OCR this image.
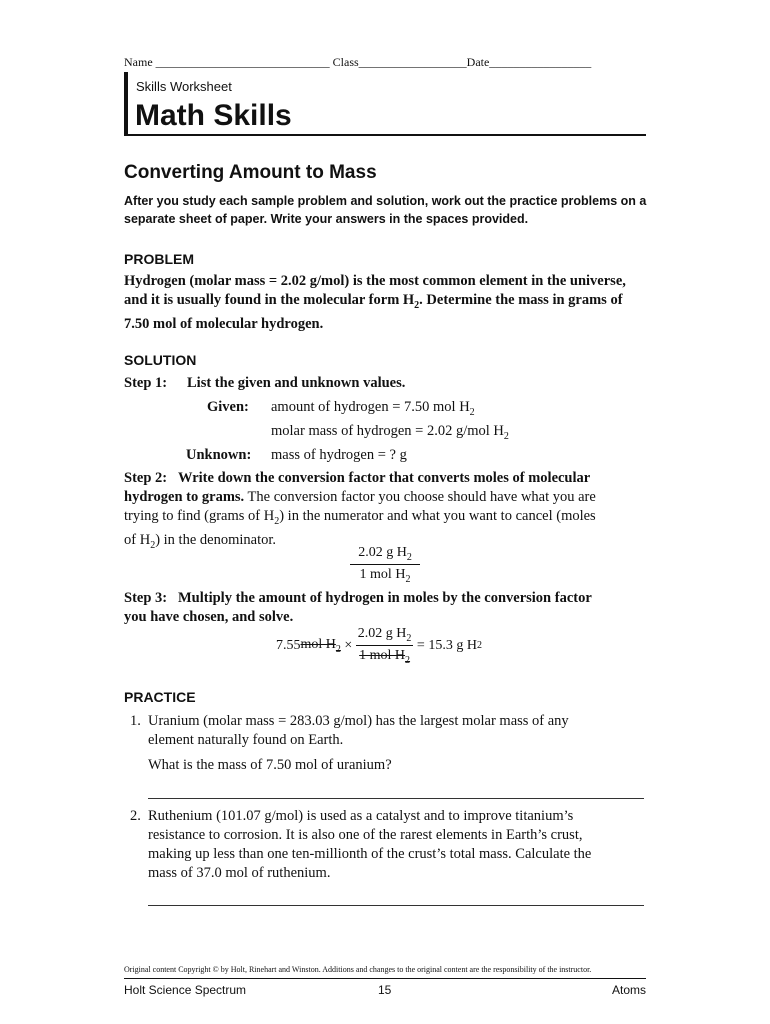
Name _____________________________ Class__________________Date_________________
Skills Worksheet
Math Skills
Converting Amount to Mass
After you study each sample problem and solution, work out the practice problems on a separate sheet of paper. Write your answers in the spaces provided.
PROBLEM
Hydrogen (molar mass = 2.02 g/mol) is the most common element in the universe,
and it is usually found in the molecular form $H_2$. Determine the mass in grams of
7.50 mol of molecular hydrogen.
SOLUTION
Step 1: List the given and unknown values.
Given: amount of hydrogen = 7.50 mol $H_2$
molar mass of hydrogen = 2.02 g/mol $H_2$
Unknown: mass of hydrogen = ? g
Step 2: Write down the conversion factor that converts moles of molecular
hydrogen to grams. The conversion factor you choose should have what you are
trying to find (grams of $H_2$) in the numerator and what you want to cancel (moles
of $H_2$) in the denominator.
2.02 g $H_2$
1 mol $H_2$
Step 3: Multiply the amount of hydrogen in moles by the conversion factor
you have chosen, and solve.
7.55 mol $H_2 \times \frac{2.02 g H_2}{1 mol H_2} = 15.3$ g H 2
PRACTICE
1. Uranium (molar mass = 283.03 g/mol) has the largest molar mass of any
element naturally found on Earth.
What is the mass of 7.50 mol of uranium?
2. Ruthenium (101.07 g/mol) is used as a catalyst and to improve titanium’s
resistance to corrosion. It is also one of the rarest elements in Earth’s crust,
making up less than one ten-millionth of the crust’s total mass. Calculate the
mass of 37.0 mol of ruthenium.
Original content Copyright © by Holt, Rinehart and Winston. Additions and changes to the original content are the responsibility of the instructor.
Holt Science Spectrum	15	Atoms
